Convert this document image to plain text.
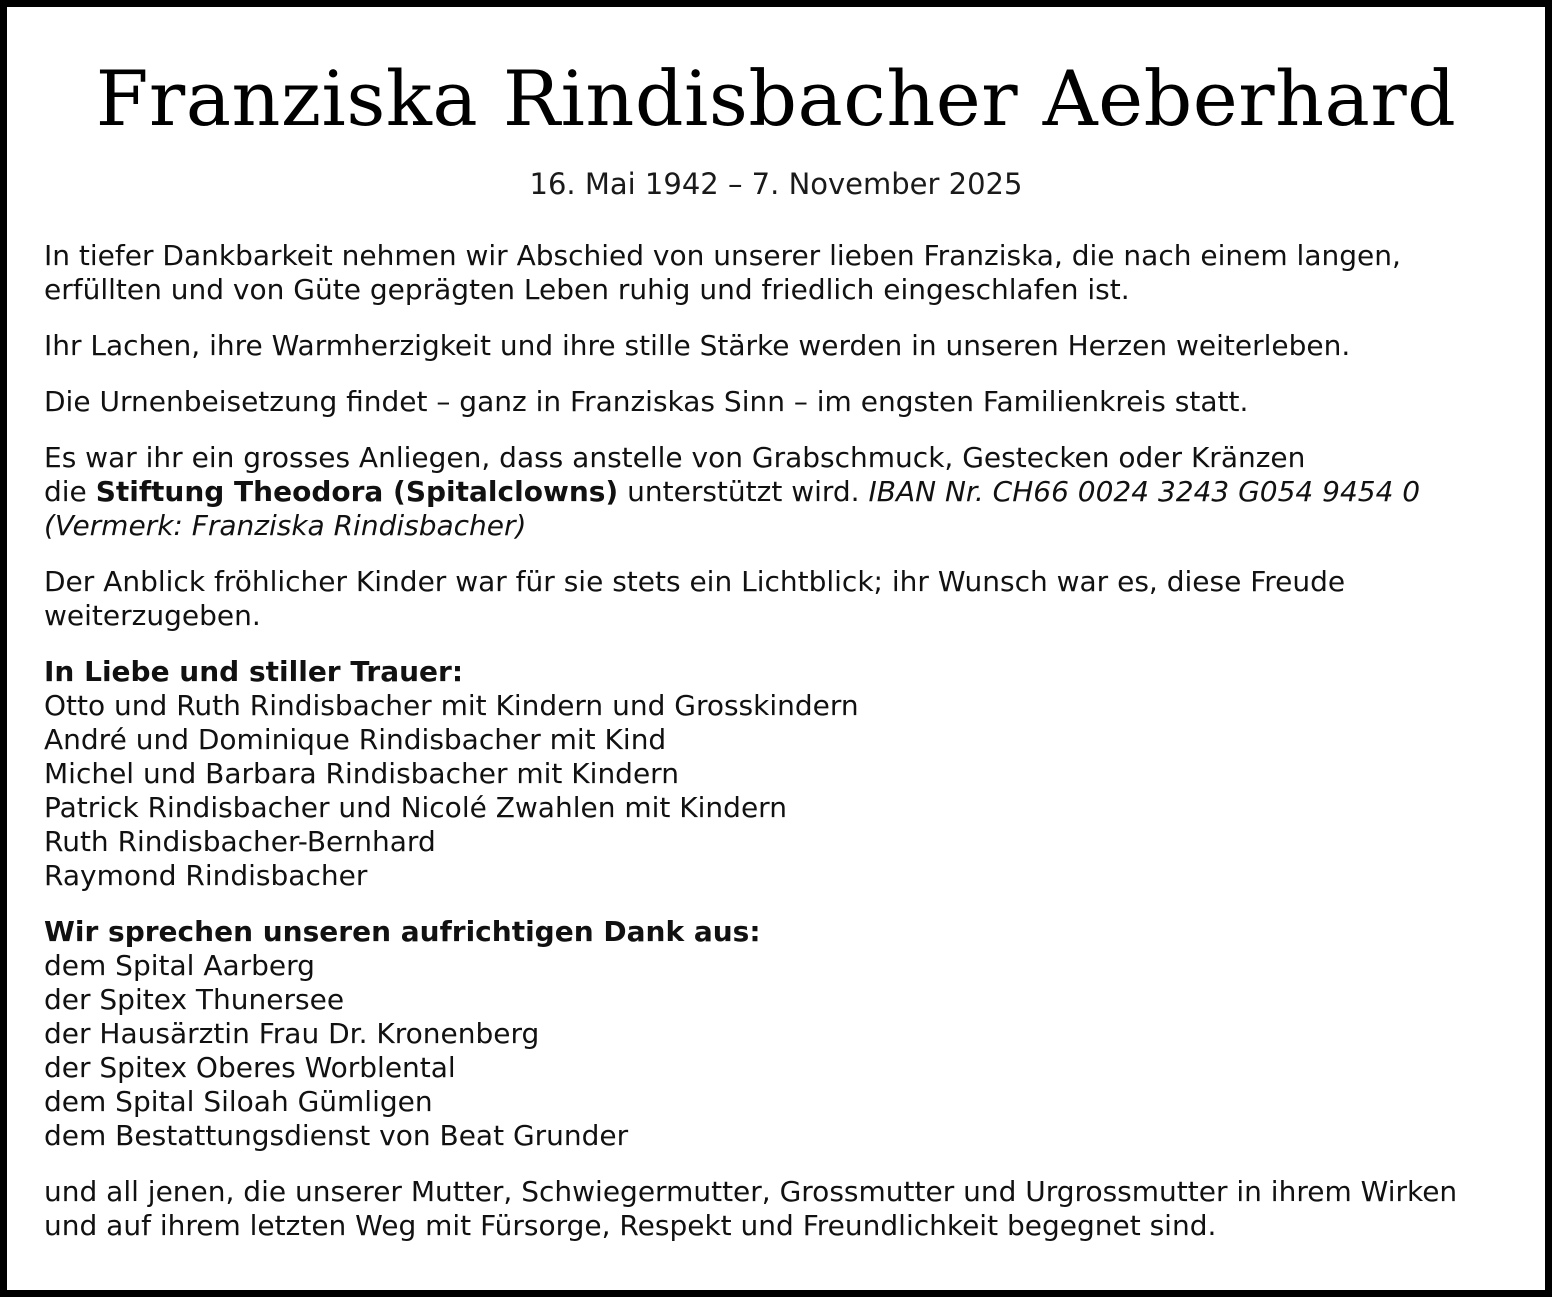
Franziska Rindisbacher Aeberhard
16. Mai 1942 – 7. November 2025

In tiefer Dankbarkeit nehmen wir Abschied von unserer lieben Franziska, die nach einem langen, erfüllten und von Güte geprägten Leben ruhig und friedlich eingeschlafen ist.

Ihr Lachen, ihre Warmherzigkeit und ihre stille Stärke werden in unseren Herzen weiterleben.

Die Urnenbeisetzung findet – ganz in Franziskas Sinn – im engsten Familienkreis statt.

Es war ihr ein grosses Anliegen, dass anstelle von Grabschmuck, Gestecken oder Kränzen
die Stiftung Theodora (Spitalclowns) unterstützt wird. IBAN Nr. CH66 0024 3243 G054 9454 0
(Vermerk: Franziska Rindisbacher)

Der Anblick fröhlicher Kinder war für sie stets ein Lichtblick; ihr Wunsch war es, diese Freude weiterzugeben.

In Liebe und stiller Trauer:
Otto und Ruth Rindisbacher mit Kindern und Grosskindern
André und Dominique Rindisbacher mit Kind
Michel und Barbara Rindisbacher mit Kindern
Patrick Rindisbacher und Nicolé Zwahlen mit Kindern
Ruth Rindisbacher-Bernhard
Raymond Rindisbacher
Wir sprechen unseren aufrichtigen Dank aus:
dem Spital Aarberg
der Spitex Thunersee
der Hausärztin Frau Dr. Kronenberg
der Spitex Oberes Worblental
dem Spital Siloah Gümligen
dem Bestattungsdienst von Beat Grunder

und all jenen, die unserer Mutter, Schwiegermutter, Grossmutter und Urgrossmutter in ihrem Wirken und auf ihrem letzten Weg mit Fürsorge, Respekt und Freundlichkeit begegnet sind.
